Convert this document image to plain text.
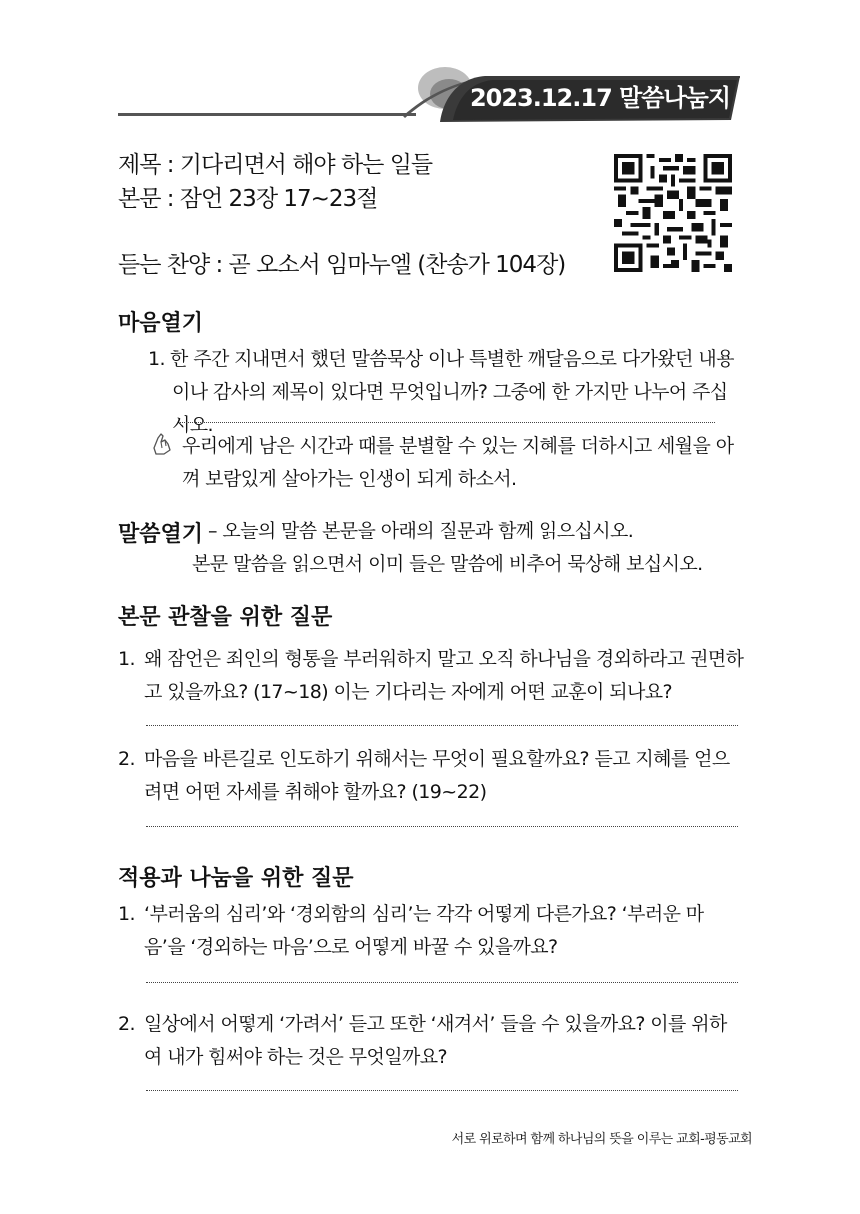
2023.12.17 말씀나눔지
제목 : 기다리면서 해야 하는 일들
본문 : 잠언 23장 17~23절
듣는 찬양 : 곧 오소서 임마누엘 (찬송가 104장)
마음열기
1. 한 주간 지내면서 했던 말씀묵상 이나 특별한 깨달음으로 다가왔던 내용이나 감사의 제목이 있다면 무엇입니까? 그중에 한 가지만 나누어 주십시오.
우리에게 남은 시간과 때를 분별할 수 있는 지혜를 더하시고 세월을 아껴 보람있게 살아가는 인생이 되게 하소서.
말씀열기 – 오늘의 말씀 본문을 아래의 질문과 함께 읽으십시오.
본문 말씀을 읽으면서 이미 들은 말씀에 비추어 묵상해 보십시오.
본문 관찰을 위한 질문
1. 왜 잠언은 죄인의 형통을 부러워하지 말고 오직 하나님을 경외하라고 권면하고 있을까요? (17~18) 이는 기다리는 자에게 어떤 교훈이 되나요?
2. 마음을 바른길로 인도하기 위해서는 무엇이 필요할까요? 듣고 지혜를 얻으려면 어떤 자세를 취해야 할까요? (19~22)
적용과 나눔을 위한 질문
1. ‘부러움의 심리’와 ‘경외함의 심리’는 각각 어떻게 다른가요? ‘부러운 마음’을 ‘경외하는 마음’으로 어떻게 바꿀 수 있을까요?
2. 일상에서 어떻게 ‘가려서’ 듣고 또한 ‘새겨서’ 들을 수 있을까요? 이를 위하여 내가 힘써야 하는 것은 무엇일까요?
서로 위로하며 함께 하나님의 뜻을 이루는 교회-평동교회
